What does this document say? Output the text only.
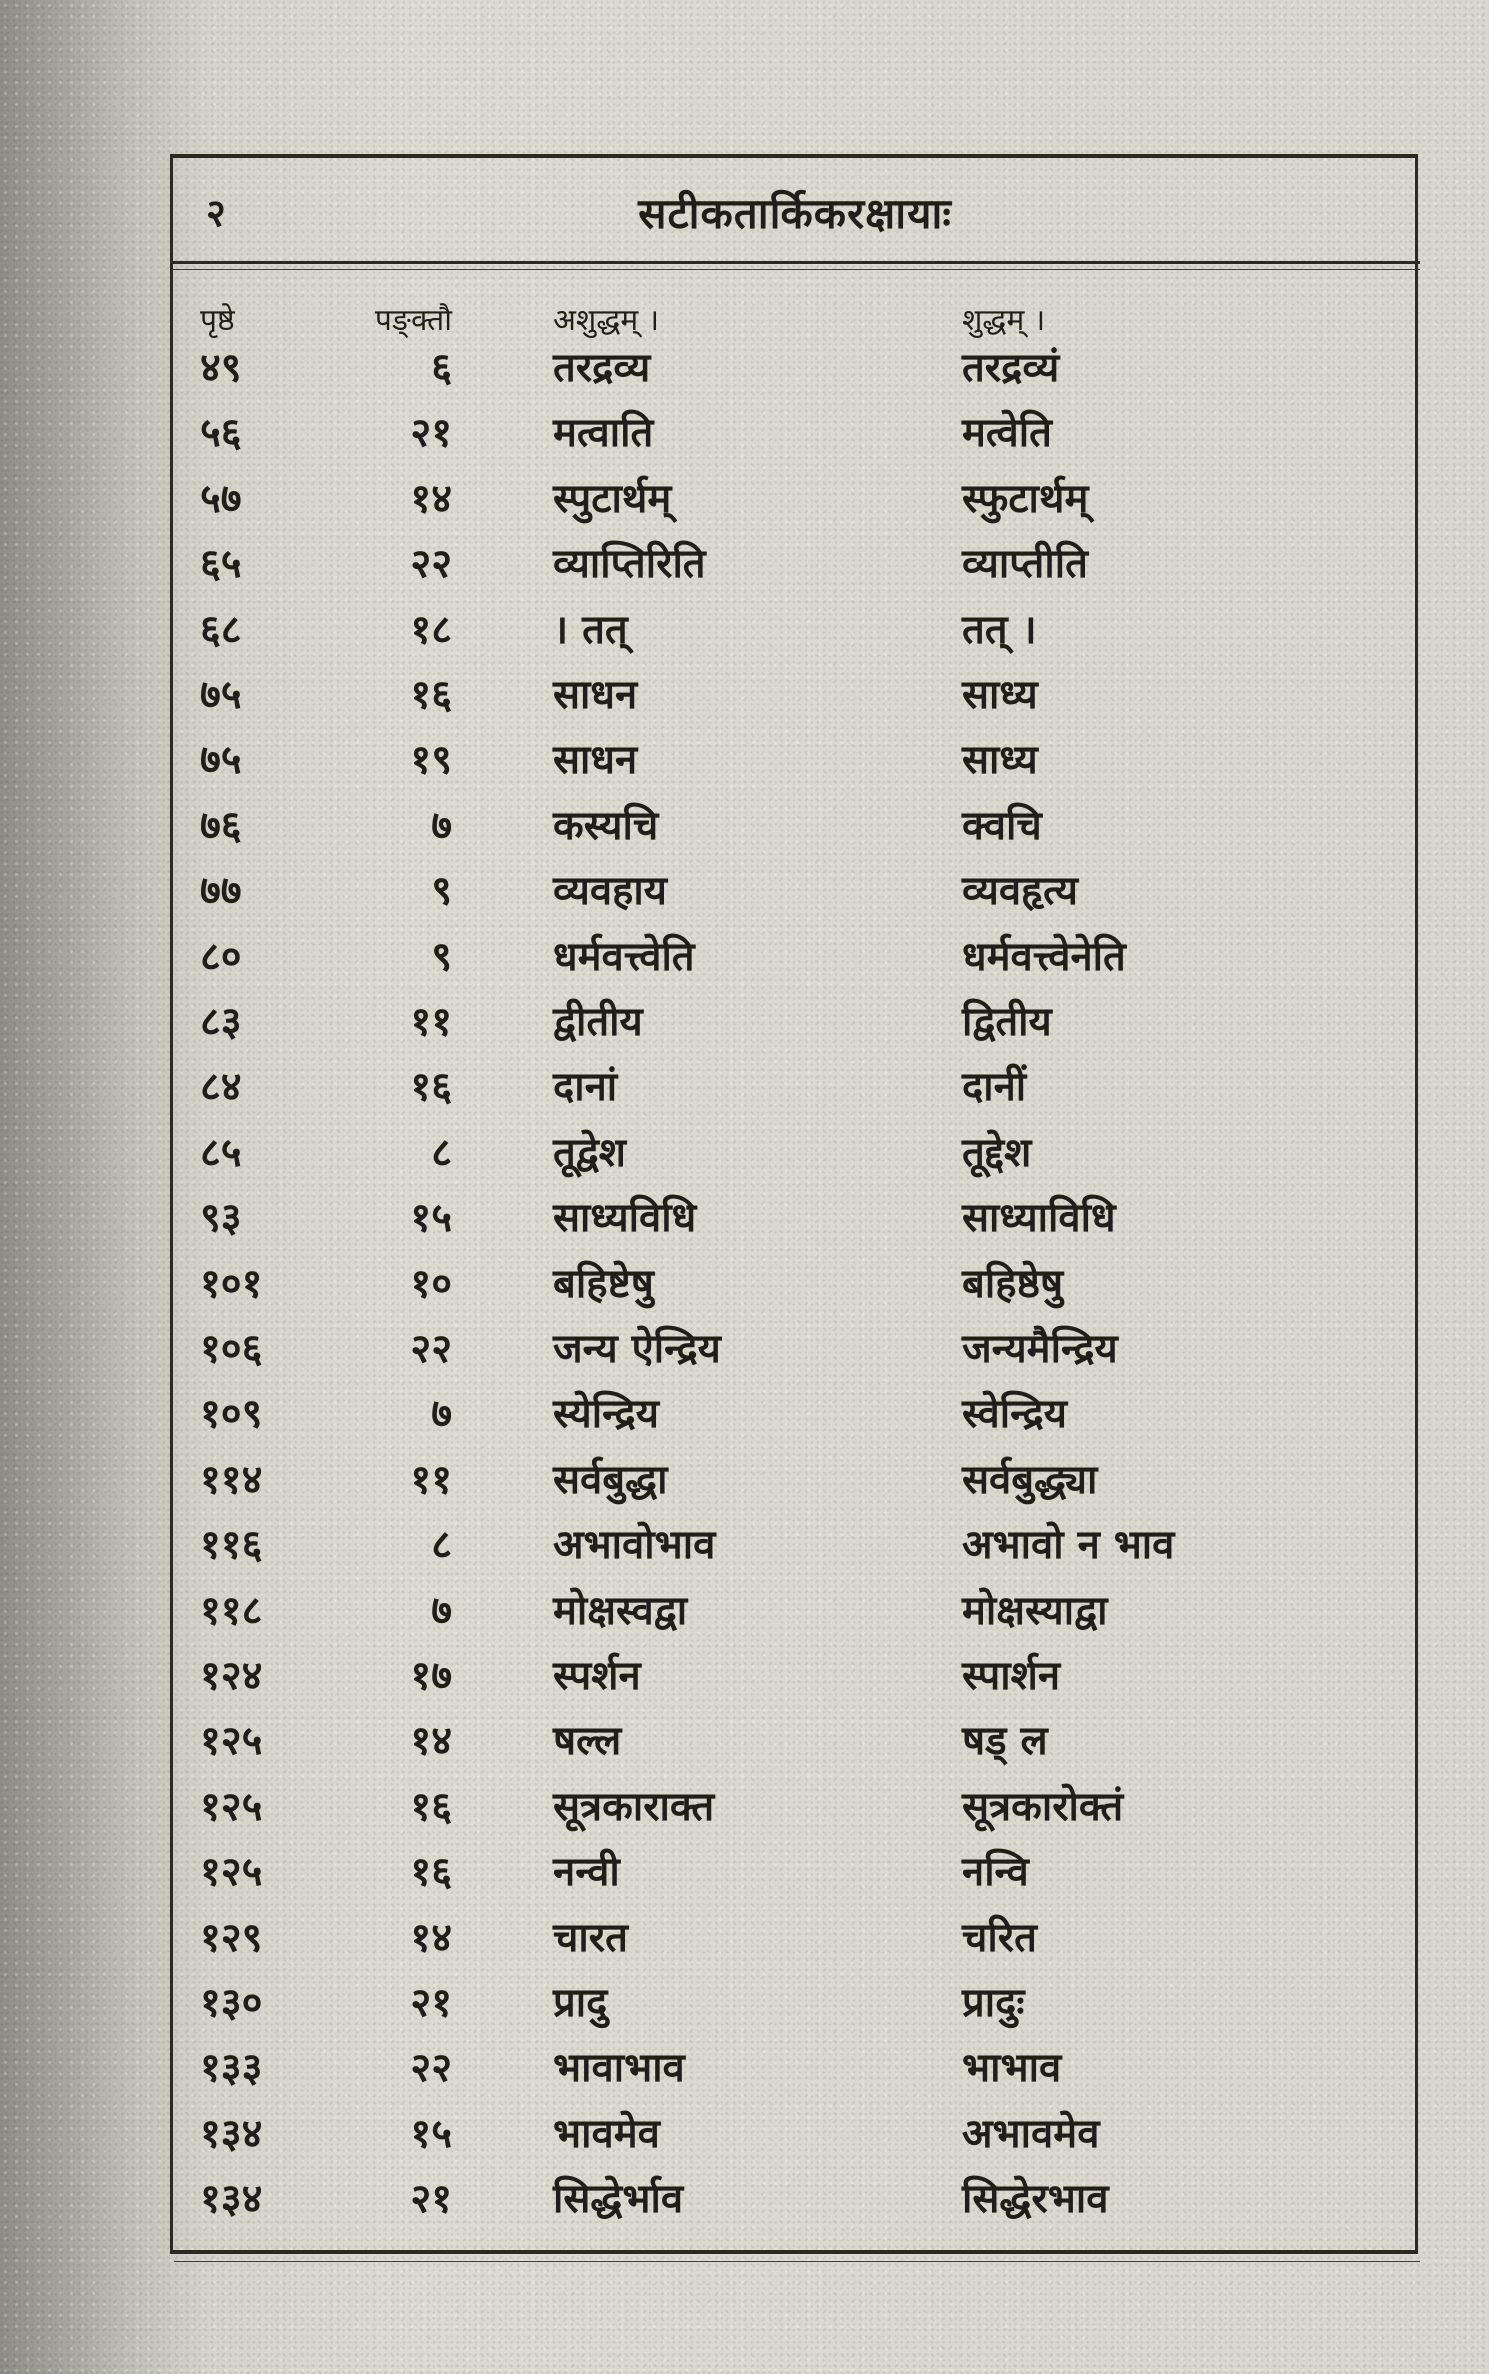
२	सटीकतार्किकरक्षायाः
पृष्ठे	पङ्क्तौ	अशुद्धम् ।	शुद्धम् ।
४९	६	तरद्रव्य	तरद्रव्यं
५६	२१	मत्वाति	मत्वेति
५७	१४	स्पुटार्थम्	स्फुटार्थम्
६५	२२	व्याप्तिरिति	व्याप्तीति
६८	१८	। तत्	तत् ।
७५	१६	साधन	साध्य
७५	१९	साधन	साध्य
७६	७	कस्यचि	क्वचि
७७	९	व्यवहाय	व्यवहृत्य
८०	९	धर्मवत्त्वेति	धर्मवत्त्वेनेति
८३	११	द्वीतीय	द्वितीय
८४	१६	दानां	दानीं
८५	८	तूद्वेश	तूद्देश
९३	१५	साध्यविधि	साध्याविधि
१०१	१०	बहिष्टेषु	बहिष्ठेषु
१०६	२२	जन्य ऐन्द्रिय	जन्यमैन्द्रिय
१०९	७	स्येन्द्रिय	स्वेन्द्रिय
११४	११	सर्वबुद्धा	सर्वबुद्ध्या
११६	८	अभावोभाव	अभावो न भाव
११८	७	मोक्षस्वद्वा	मोक्षस्याद्वा
१२४	१७	स्पर्शन	स्पार्शन
१२५	१४	षल्ल	षड् ल
१२५	१६	सूत्रकाराक्त	सूत्रकारोक्तं
१२५	१६	नन्वी	नन्वि
१२९	१४	चारत	चरित
१३०	२१	प्रादु	प्रादुः
१३३	२२	भावाभाव	भाभाव
१३४	१५	भावमेव	अभावमेव
१३४	२१	सिद्धेर्भाव	सिद्धेरभाव
